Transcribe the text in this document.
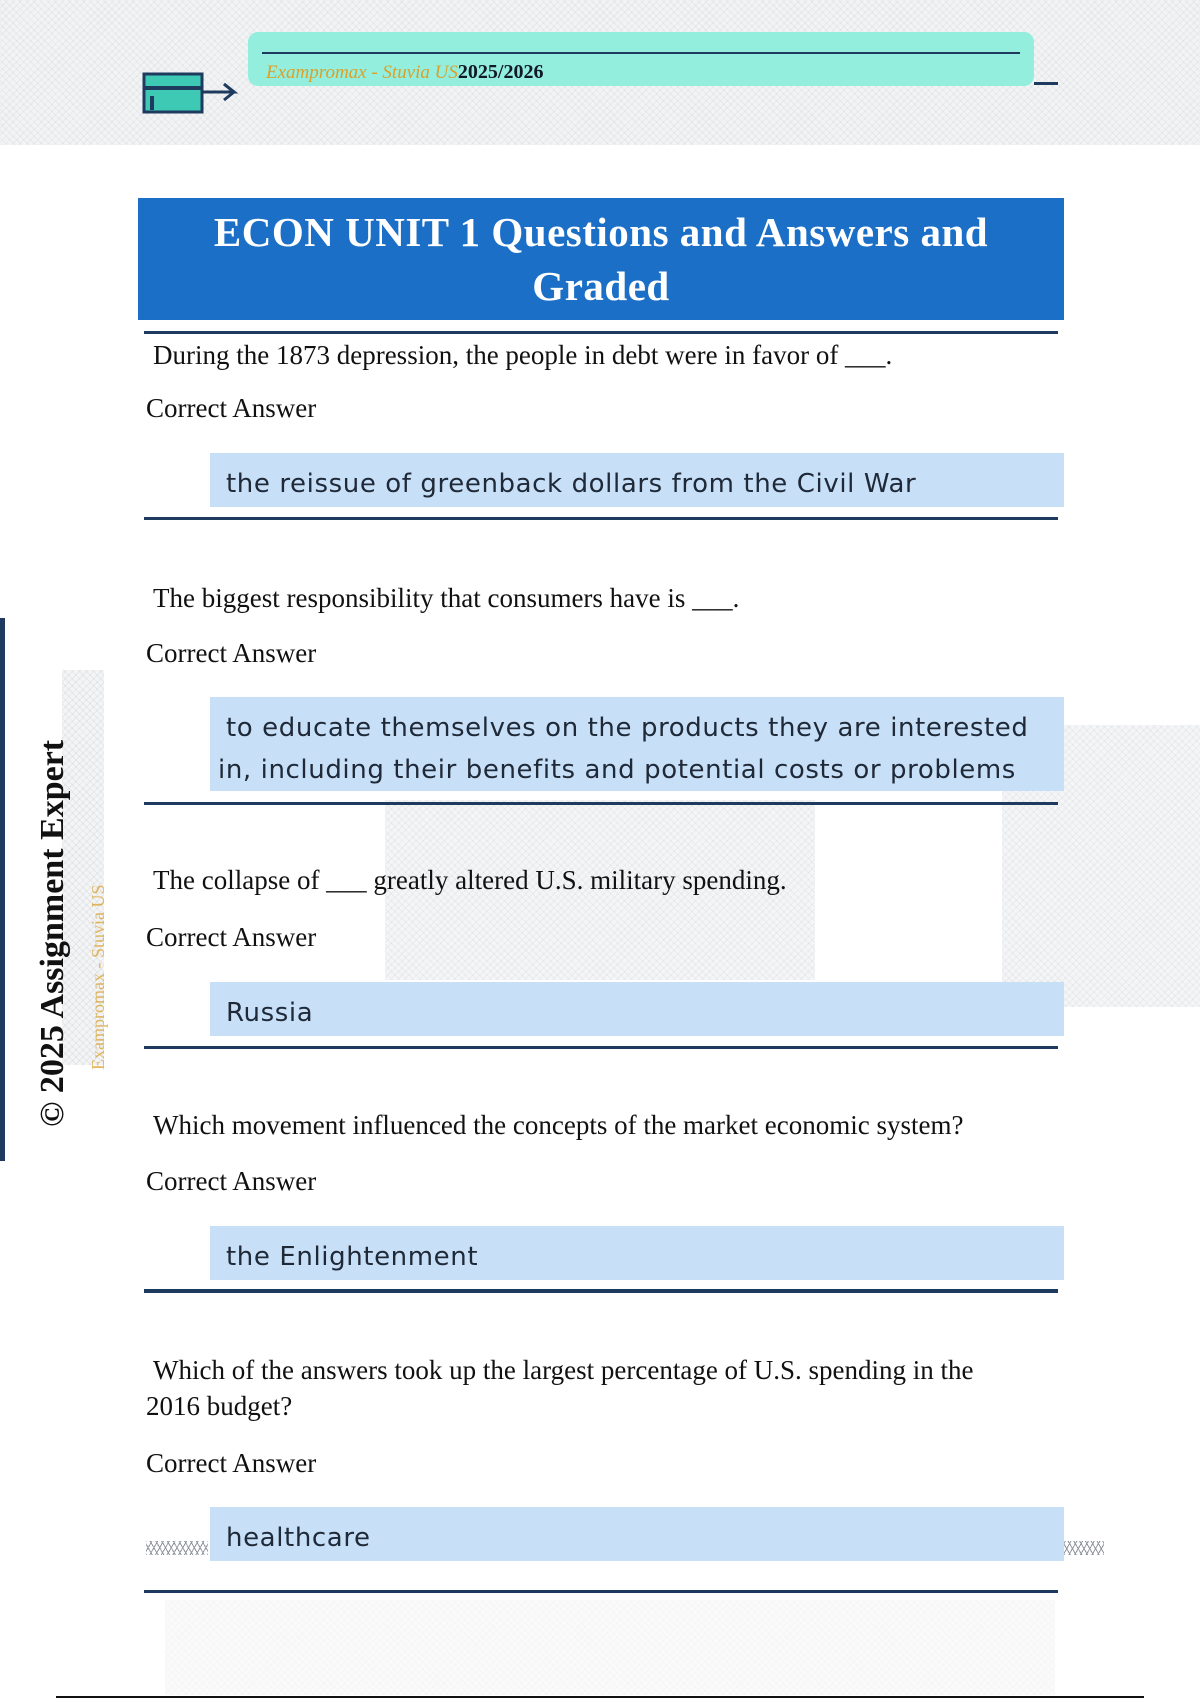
Exampromax - Stuvia US2025/2026
Exampromax - Stuvia US
© 2025 Assignment Expert
ECON UNIT 1 Questions and Answers and Graded
During the 1873 depression, the people in debt were in favor of ___.
Correct Answer
the reissue of greenback dollars from the Civil War
The biggest responsibility that consumers have is ___.
Correct Answer
to educate themselves on the products they are interested in, including their benefits and potential costs or problems
The collapse of ___ greatly altered U.S. military spending.
Correct Answer
Russia
Which movement influenced the concepts of the market economic system?
Correct Answer
the Enlightenment
Which of the answers took up the largest percentage of U.S. spending in the 2016 budget?
Correct Answer
healthcare
